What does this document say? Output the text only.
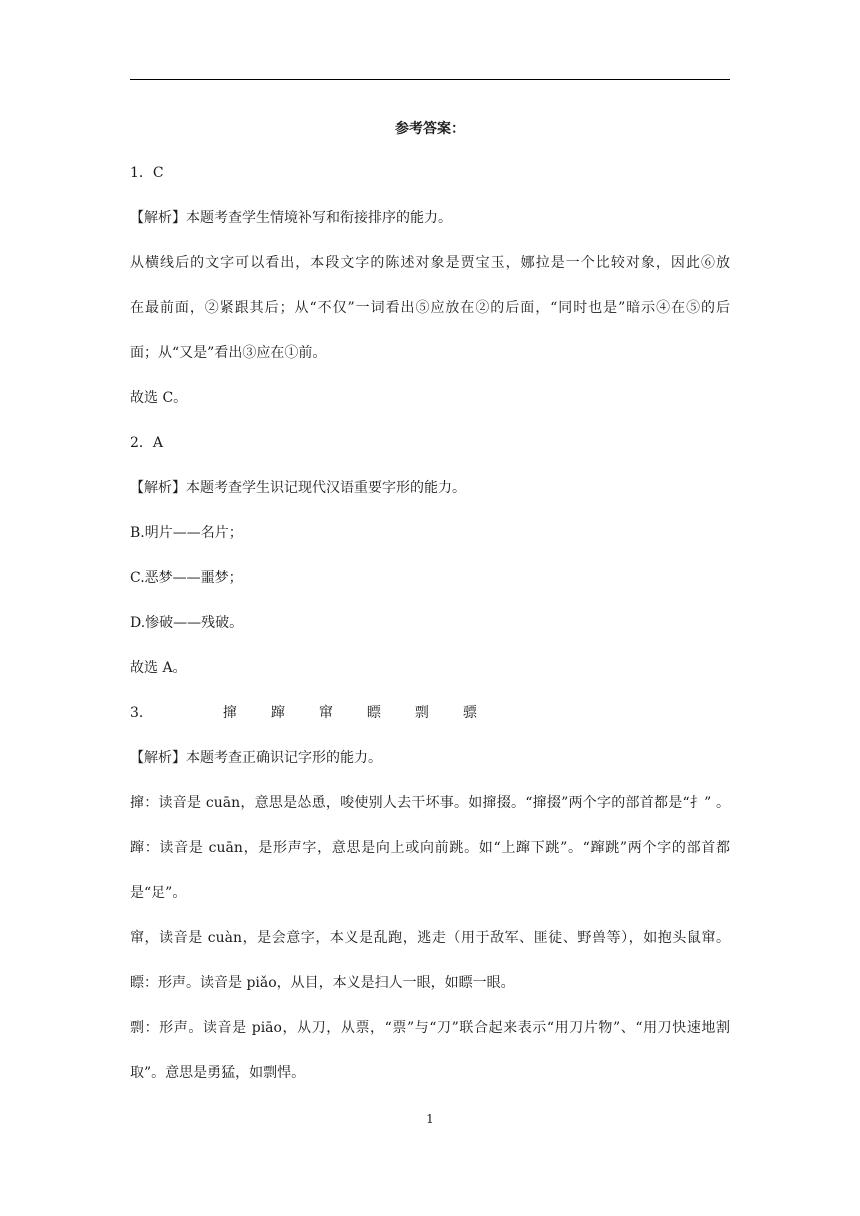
参考答案：
1．C
【解析】本题考查学生情境补写和衔接排序的能力。
从横线后的文字可以看出，本段文字的陈述对象是贾宝玉，娜拉是一个比较对象，因此⑥放
在最前面，②紧跟其后；从“不仅”一词看出⑤应放在②的后面，“同时也是”暗示④在⑤的后
面；从“又是”看出③应在①前。
故选 C。
2．A
【解析】本题考查学生识记现代汉语重要字形的能力。
B.明片——名片；
C.恶梦——噩梦；
D.惨破——残破。
故选 A。
3．	撺 蹿 窜 瞟 剽 骠
【解析】本题考查正确识记字形的能力。
撺：读音是 cuān，意思是怂恿，唆使别人去干坏事。如撺掇。“撺掇”两个字的部首都是“扌” 。
蹿：读音是 cuān，是形声字，意思是向上或向前跳。如“上蹿下跳”。“蹿跳”两个字的部首都
是“足”。
窜，读音是 cuàn，是会意字，本义是乱跑，逃走（用于敌军、匪徒、野兽等），如抱头鼠窜。
瞟：形声。读音是 piǎo，从目，本义是扫人一眼，如瞟一眼。
剽：形声。读音是 piāo，从刀，从票，“票”与“刀”联合起来表示“用刀片物”、“用刀快速地割
取”。意思是勇猛，如剽悍。
1
